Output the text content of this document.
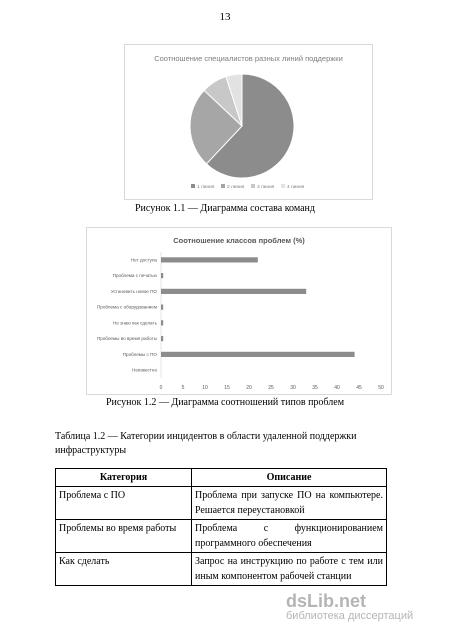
13
Соотношение специалистов разных линий поддержки
1 линия	2 линия	3 линия	4 линия
Рисунок 1.1 — Диаграмма состава команд
Соотношение классов проблем (%)
Нет доступа
Проблема с печатью
Установить новое ПО
Проблема с оборудованием
Не знаю как сделать
Проблемы во время работы
Проблемы с ПО
Неизвестно
0	5	10	15	20	25	30	35	40	45	50
Рисунок 1.2 — Диаграмма соотношений типов проблем
Таблица 1.2 — Категории инцидентов в области удаленной поддержки инфраструктуры
Категория	Описание
Проблема с ПО	Проблема при запуске ПО на компьютере. Решается переустановкой
Проблемы во время работы	Проблема с функционированием программного обеспечения
Как сделать	Запрос на инструкцию по работе с тем или иным компонентом рабочей станции
dsLib.net
библиотека диссертаций
